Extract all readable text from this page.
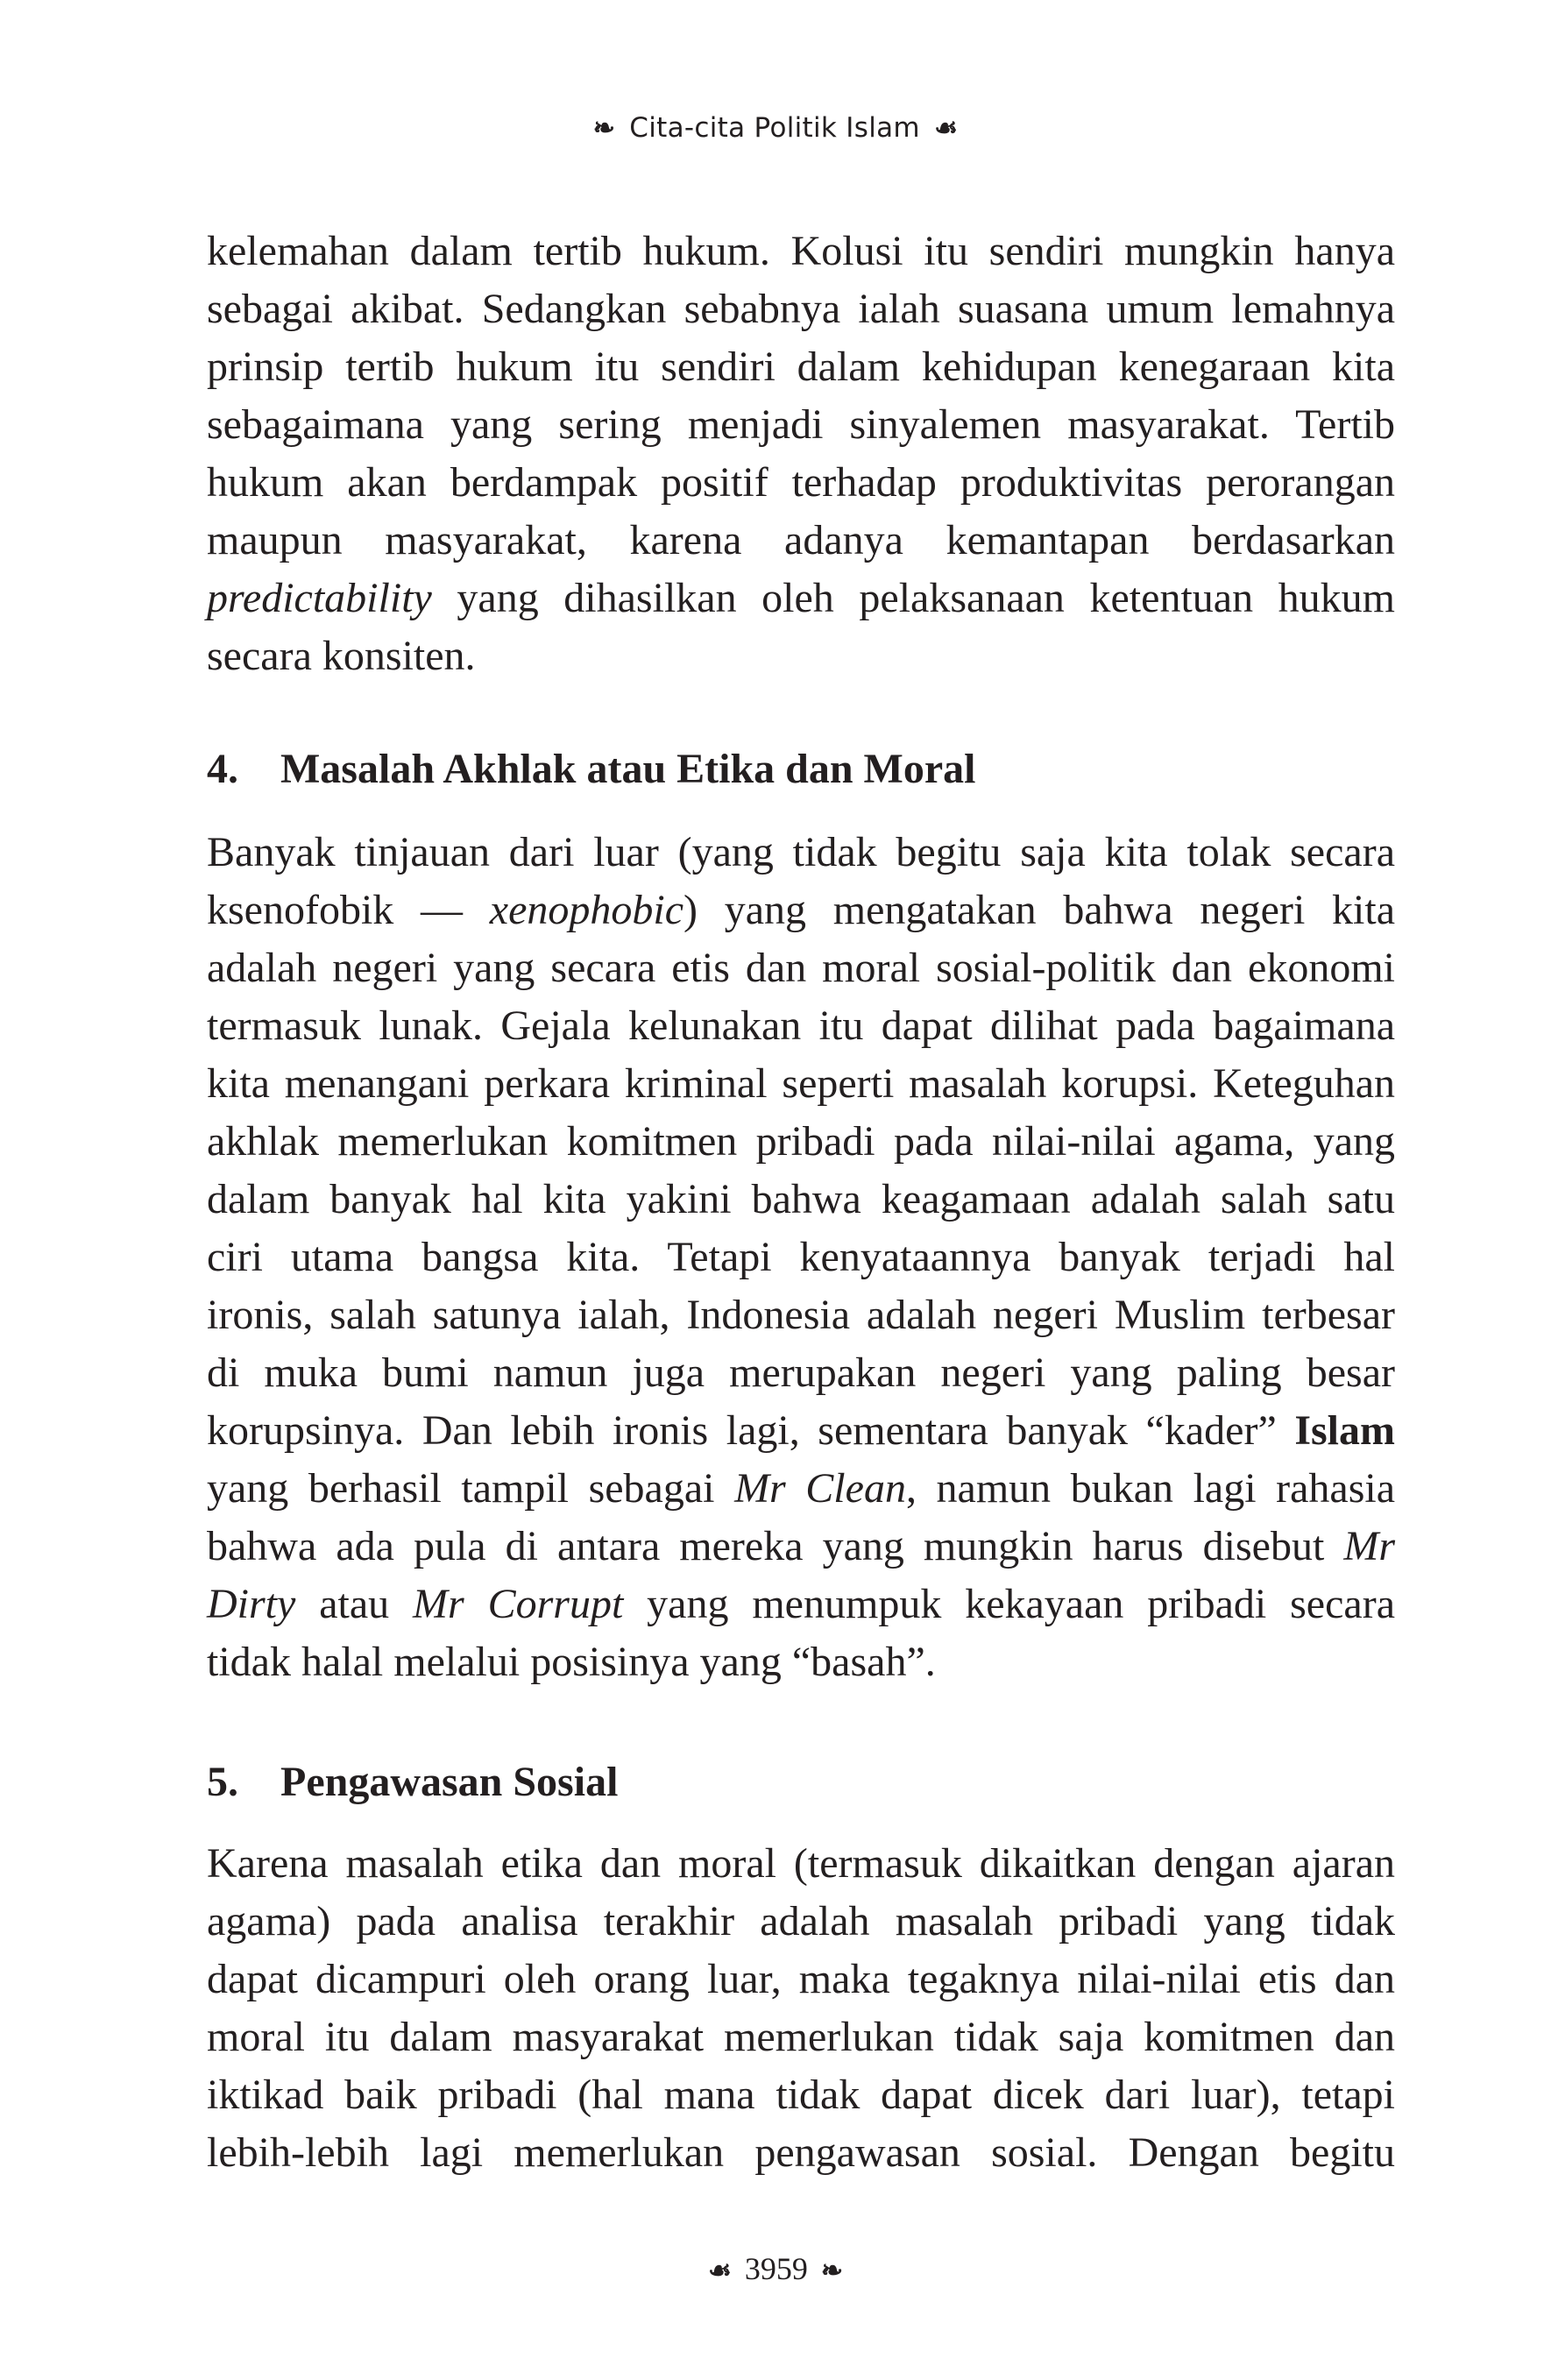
❧ Cita-cita Politik Islam ☙
kelemahan dalam tertib hukum. Kolusi itu sendiri mungkin hanya
sebagai akibat. Sedangkan sebabnya ialah suasana umum lemahnya
prinsip tertib hukum itu sendiri dalam kehidupan kenegaraan kita
sebagaimana yang sering menjadi sinyalemen masyarakat. Tertib
hukum akan berdampak positif terhadap produktivitas perorangan
maupun masyarakat, karena adanya kemantapan berdasarkan
predictability yang dihasilkan oleh pelaksanaan ketentuan hukum
secara konsiten.
4. Masalah Akhlak atau Etika dan Moral
Banyak tinjauan dari luar (yang tidak begitu saja kita tolak secara
ksenofobik — xenophobic) yang mengatakan bahwa negeri kita
adalah negeri yang secara etis dan moral sosial-politik dan ekonomi
termasuk lunak. Gejala kelunakan itu dapat dilihat pada bagaimana
kita menangani perkara kriminal seperti masalah korupsi. Keteguhan
akhlak memerlukan komitmen pribadi pada nilai-nilai agama, yang
dalam banyak hal kita yakini bahwa keagamaan adalah salah satu
ciri utama bangsa kita. Tetapi kenyataannya banyak terjadi hal
ironis, salah satunya ialah, Indonesia adalah negeri Muslim terbesar
di muka bumi namun juga merupakan negeri yang paling besar
korupsinya. Dan lebih ironis lagi, sementara banyak “kader” Islam
yang berhasil tampil sebagai Mr Clean, namun bukan lagi rahasia
bahwa ada pula di antara mereka yang mungkin harus disebut Mr
Dirty atau Mr Corrupt yang menumpuk kekayaan pribadi secara
tidak halal melalui posisinya yang “basah”.
5. Pengawasan Sosial
Karena masalah etika dan moral (termasuk dikaitkan dengan ajaran
agama) pada analisa terakhir adalah masalah pribadi yang tidak
dapat dicampuri oleh orang luar, maka tegaknya nilai-nilai etis dan
moral itu dalam masyarakat memerlukan tidak saja komitmen dan
iktikad baik pribadi (hal mana tidak dapat dicek dari luar), tetapi
lebih-lebih lagi memerlukan pengawasan sosial. Dengan begitu
☙ 3959 ❧
